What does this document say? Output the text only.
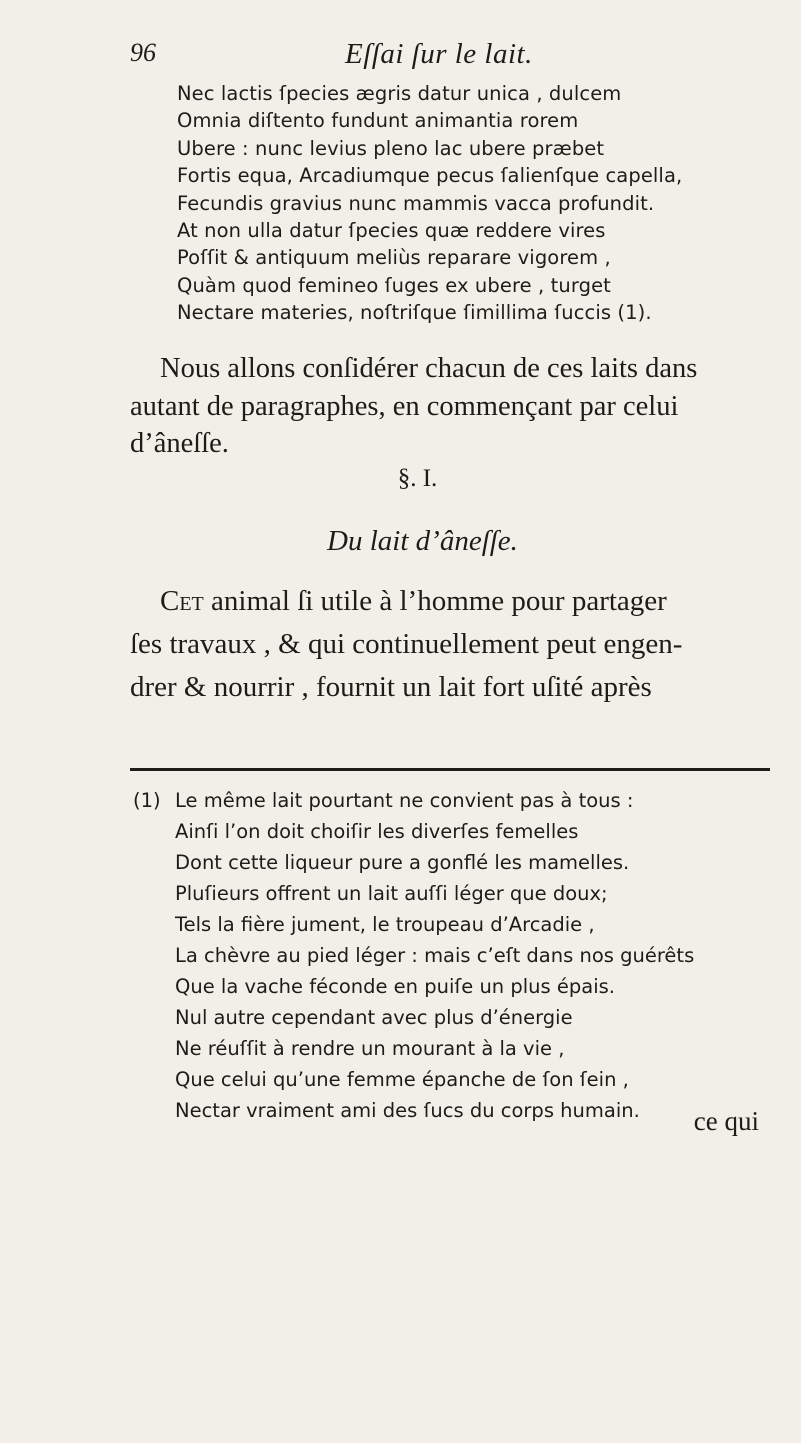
96	Eſſai ſur le lait.
Nec lactis ſpecies ægris datur unica , dulcem
Omnia diſtento fundunt animantia rorem
Ubere : nunc levius pleno lac ubere præbet
Fortis equa, Arcadiumque pecus ſalienſque capella,
Fecundis gravius nunc mammis vacca profundit.
At non ulla datur ſpecies quæ reddere vires
Poſſit & antiquum meliùs reparare vigorem ,
Quàm quod femineo ſuges ex ubere , turget
Nectare materies, noſtriſque ſimillima ſuccis (1).
Nous allons conſidérer chacun de ces laits dans
autant de paragraphes, en commençant par celui
d’âneſſe.
§. I.
Du lait d’âneſſe.
Cet animal ſi utile à l’homme pour partager
ſes travaux , & qui continuellement peut engen-
drer & nourrir , fournit un lait fort uſité après
(1) Le même lait pourtant ne convient pas à tous :
Ainſi l’on doit choiſir les diverſes femelles
Dont cette liqueur pure a gonflé les mamelles.
Pluſieurs offrent un lait auſſi léger que doux;
Tels la fière jument, le troupeau d’Arcadie ,
La chèvre au pied léger : mais c’eſt dans nos guérêts
Que la vache féconde en puiſe un plus épais.
Nul autre cependant avec plus d’énergie
Ne réuſſit à rendre un mourant à la vie ,
Que celui qu’une femme épanche de ſon ſein ,
Nectar vraiment ami des ſucs du corps humain.	ce qui
